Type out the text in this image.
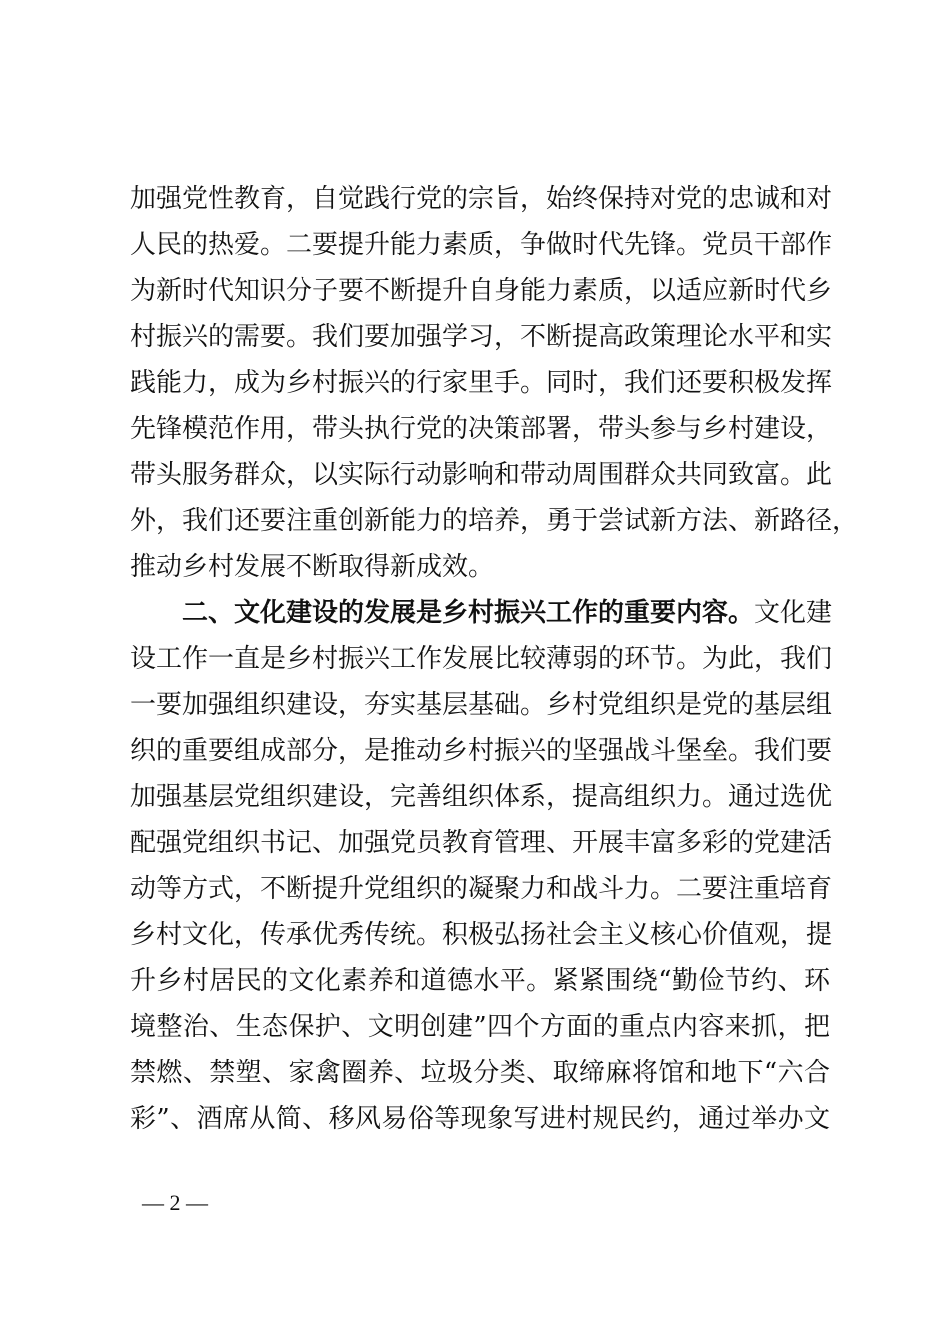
加强党性教育，自觉践行党的宗旨，始终保持对党的忠诚和对
人民的热爱。二要提升能力素质，争做时代先锋。党员干部作
为新时代知识分子要不断提升自身能力素质，以适应新时代乡
村振兴的需要。我们要加强学习，不断提高政策理论水平和实
践能力，成为乡村振兴的行家里手。同时，我们还要积极发挥
先锋模范作用，带头执行党的决策部署，带头参与乡村建设，
带头服务群众，以实际行动影响和带动周围群众共同致富。此
外，我们还要注重创新能力的培养，勇于尝试新方法、新路径，
推动乡村发展不断取得新成效。
二、文化建设的发展是乡村振兴工作的重要内容。文化建
设工作一直是乡村振兴工作发展比较薄弱的环节。为此，我们
一要加强组织建设，夯实基层基础。乡村党组织是党的基层组
织的重要组成部分，是推动乡村振兴的坚强战斗堡垒。我们要
加强基层党组织建设，完善组织体系，提高组织力。通过选优
配强党组织书记、加强党员教育管理、开展丰富多彩的党建活
动等方式，不断提升党组织的凝聚力和战斗力。二要注重培育
乡村文化，传承优秀传统。积极弘扬社会主义核心价值观，提
升乡村居民的文化素养和道德水平。紧紧围绕“勤俭节约、环
境整治、生态保护、文明创建”四个方面的重点内容来抓，把
禁燃、禁塑、家禽圈养、垃圾分类、取缔麻将馆和地下“六合
彩”、酒席从简、移风易俗等现象写进村规民约，通过举办文
— 2 —
